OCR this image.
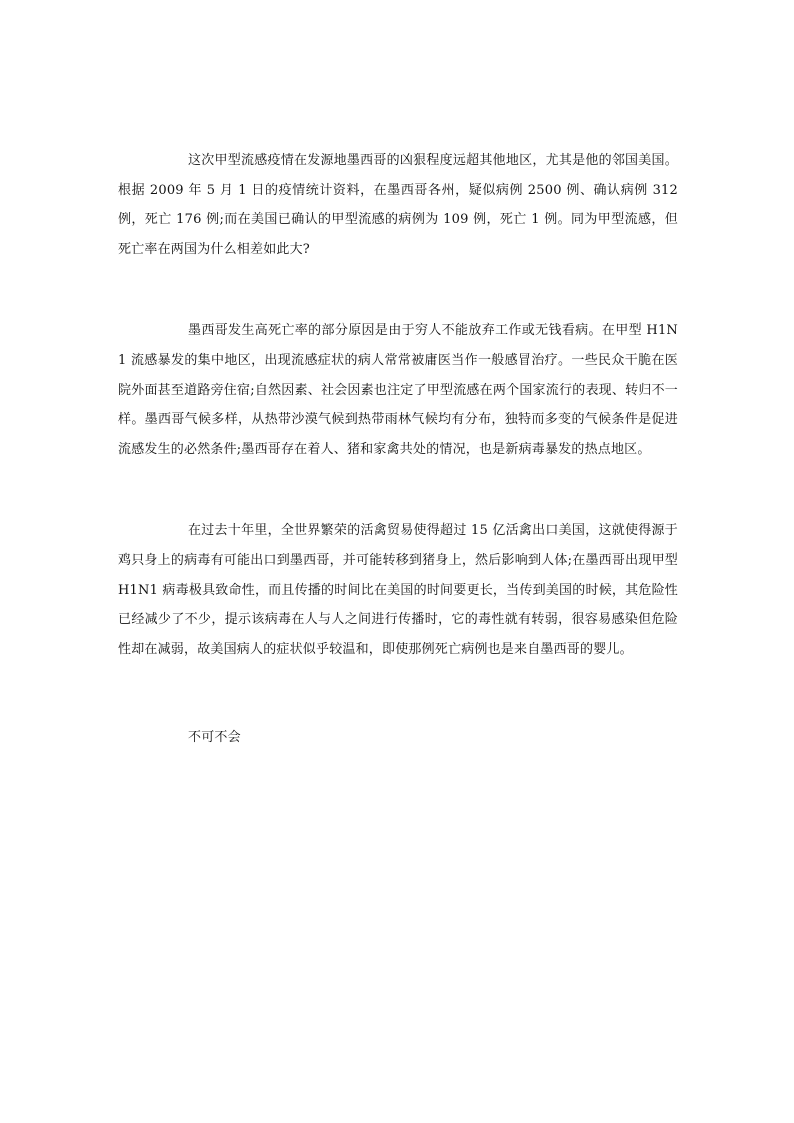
这次甲型流感疫情在发源地墨西哥的凶狠程度远超其他地区，尤其是他的邻国美国。根据 2009 年 5 月 1 日的疫情统计资料，在墨西哥各州，疑似病例 2500 例、确认病例 312 例，死亡 176 例;而在美国已确认的甲型流感的病例为 109 例，死亡 1 例。同为甲型流感，但死亡率在两国为什么相差如此大?

墨西哥发生高死亡率的部分原因是由于穷人不能放弃工作或无钱看病。在甲型 H1N1 流感暴发的集中地区，出现流感症状的病人常常被庸医当作一般感冒治疗。一些民众干脆在医院外面甚至道路旁住宿;自然因素、社会因素也注定了甲型流感在两个国家流行的表现、转归不一样。墨西哥气候多样，从热带沙漠气候到热带雨林气候均有分布，独特而多变的气候条件是促进流感发生的必然条件;墨西哥存在着人、猪和家禽共处的情况，也是新病毒暴发的热点地区。

在过去十年里，全世界繁荣的活禽贸易使得超过 15 亿活禽出口美国，这就使得源于鸡只身上的病毒有可能出口到墨西哥，并可能转移到猪身上，然后影响到人体;在墨西哥出现甲型 H1N1 病毒极具致命性，而且传播的时间比在美国的时间要更长，当传到美国的时候，其危险性已经减少了不少，提示该病毒在人与人之间进行传播时，它的毒性就有转弱，很容易感染但危险性却在减弱，故美国病人的症状似乎较温和，即使那例死亡病例也是来自墨西哥的婴儿。

不可不会
